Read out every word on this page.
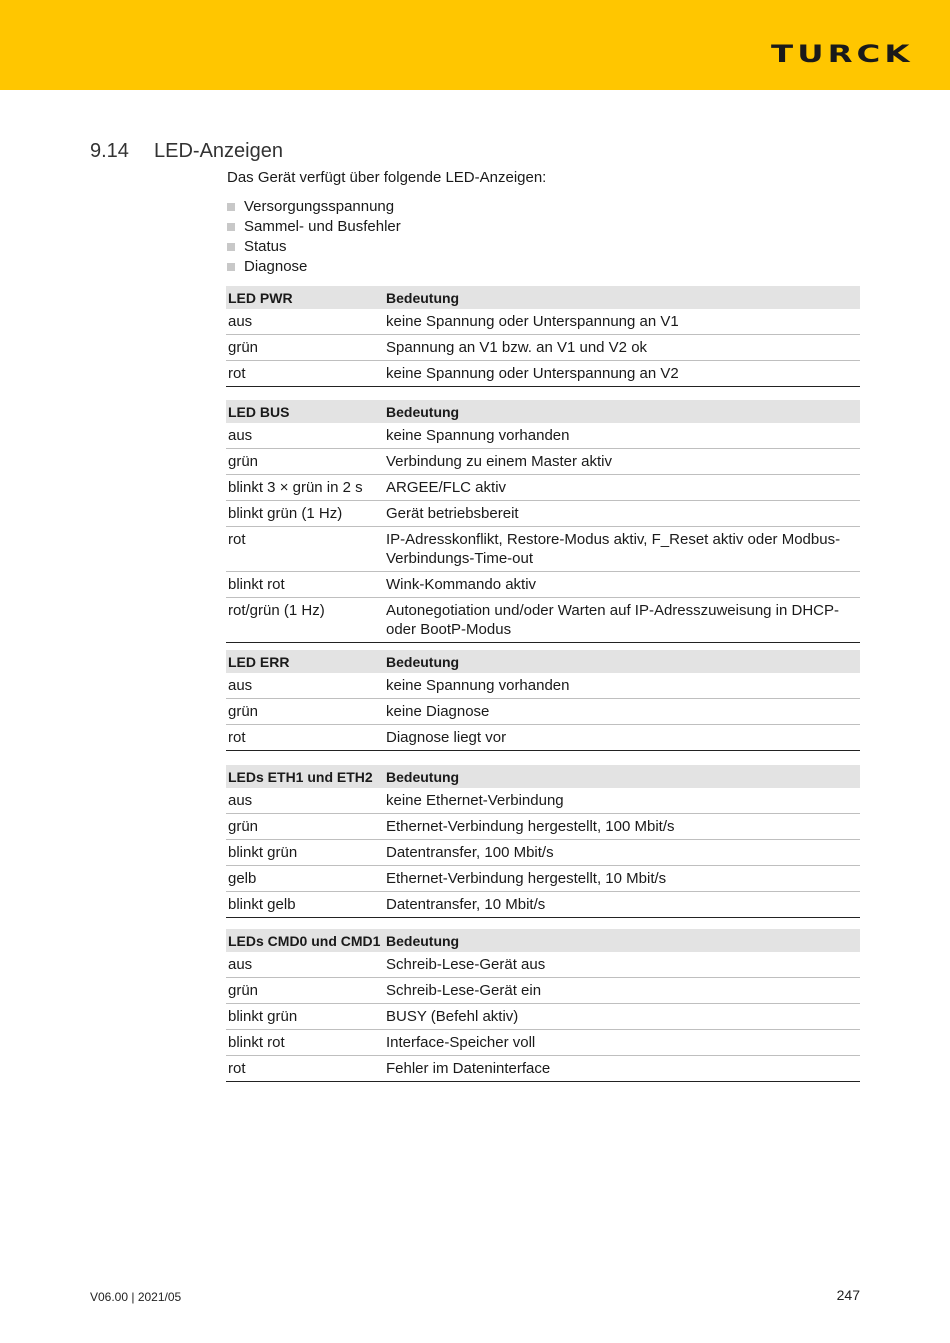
TURCK
9.14 LED-Anzeigen

Das Gerät verfügt über folgende LED-Anzeigen:

Versorgungsspannung
Sammel- und Busfehler
Status
Diagnose
LED PWR	Bedeutung
aus	keine Spannung oder Unterspannung an V1
grün	Spannung an V1 bzw. an V1 und V2 ok
rot	keine Spannung oder Unterspannung an V2
LED BUS	Bedeutung
aus	keine Spannung vorhanden
grün	Verbindung zu einem Master aktiv
blinkt 3 × grün in 2 s	ARGEE/FLC aktiv
blinkt grün (1 Hz)	Gerät betriebsbereit
rot	IP-Adresskonflikt, Restore-Modus aktiv, F_Reset aktiv oder Modbus-Verbindungs-Time-out
blinkt rot	Wink-Kommando aktiv
rot/grün (1 Hz)	Autonegotiation und/oder Warten auf IP-Adresszuweisung in DHCP- oder BootP-Modus
LED ERR	Bedeutung
aus	keine Spannung vorhanden
grün	keine Diagnose
rot	Diagnose liegt vor
LEDs ETH1 und ETH2	Bedeutung
aus	keine Ethernet-Verbindung
grün	Ethernet-Verbindung hergestellt, 100 Mbit/s
blinkt grün	Datentransfer, 100 Mbit/s
gelb	Ethernet-Verbindung hergestellt, 10 Mbit/s
blinkt gelb	Datentransfer, 10 Mbit/s
LEDs CMD0 und CMD1	Bedeutung
aus	Schreib-Lese-Gerät aus
grün	Schreib-Lese-Gerät ein
blinkt grün	BUSY (Befehl aktiv)
blinkt rot	Interface-Speicher voll
rot	Fehler im Dateninterface
V06.00 | 2021/05	247
